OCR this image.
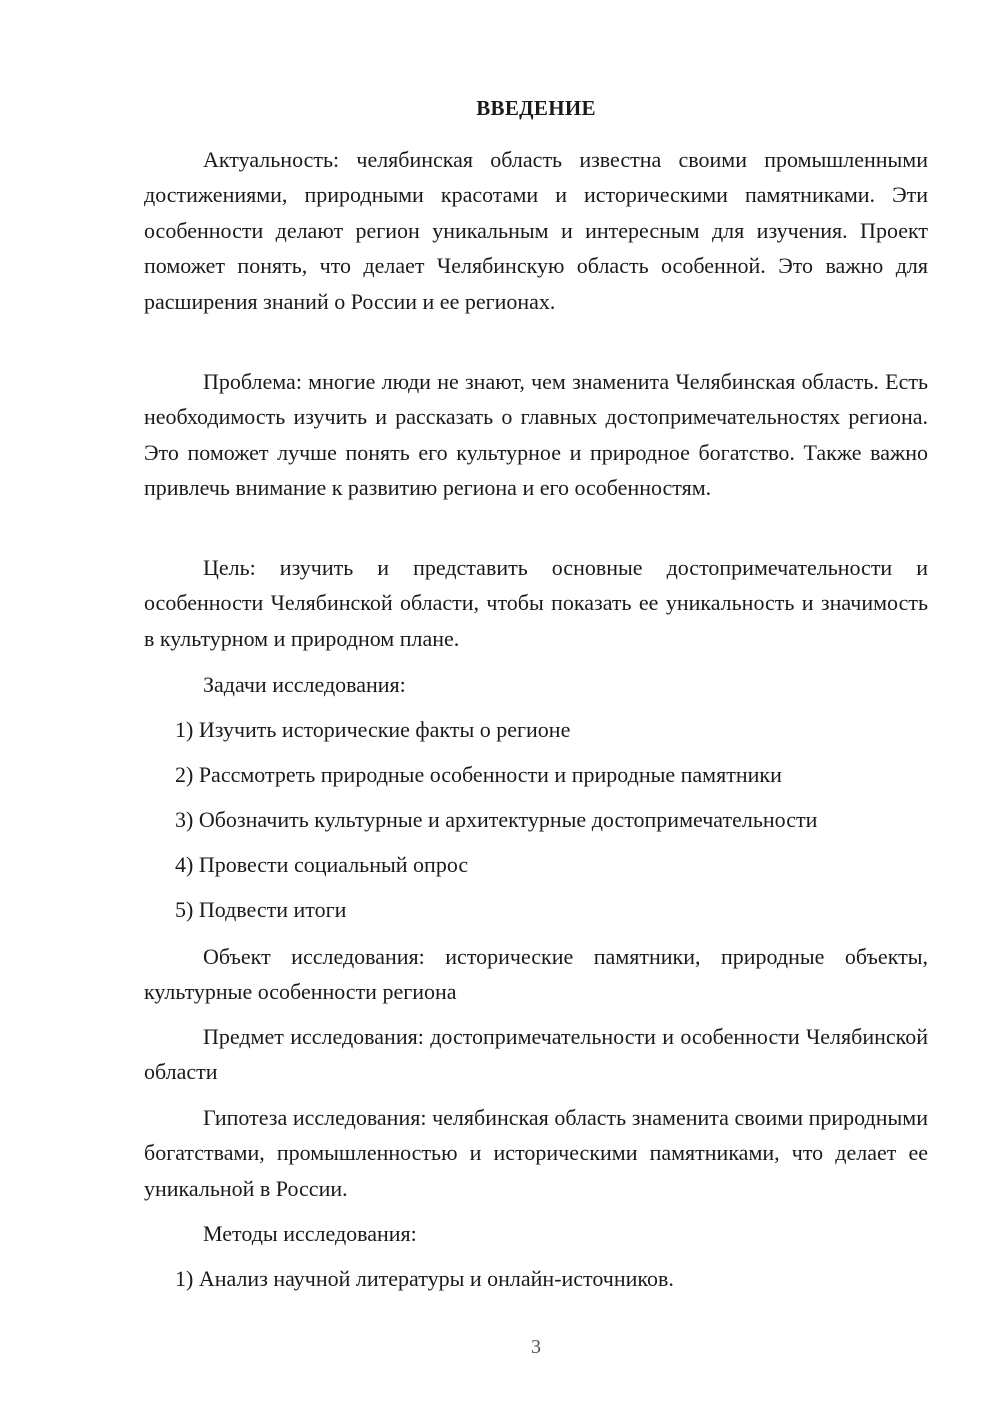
ВВЕДЕНИЕ
Актуальность: челябинская область известна своими промышленными достижениями, природными красотами и историческими памятниками. Эти особенности делают регион уникальным и интересным для изучения. Проект поможет понять, что делает Челябинскую область особенной. Это важно для расширения знаний о России и ее регионах.
Проблема: многие люди не знают, чем знаменита Челябинская область. Есть необходимость изучить и рассказать о главных достопримечательностях региона. Это поможет лучше понять его культурное и природное богатство. Также важно привлечь внимание к развитию региона и его особенностям.
Цель: изучить и представить основные достопримечательности и особенности Челябинской области, чтобы показать ее уникальность и значимость в культурном и природном плане.
Задачи исследования:
1) Изучить исторические факты о регионе
2) Рассмотреть природные особенности и природные памятники
3) Обозначить культурные и архитектурные достопримечательности
4) Провести социальный опрос
5) Подвести итоги
Объект исследования: исторические памятники, природные объекты, культурные особенности региона
Предмет исследования: достопримечательности и особенности Челябинской области
Гипотеза исследования: челябинская область знаменита своими природными богатствами, промышленностью и историческими памятниками, что делает ее уникальной в России.
Методы исследования:
1) Анализ научной литературы и онлайн-источников.
3
